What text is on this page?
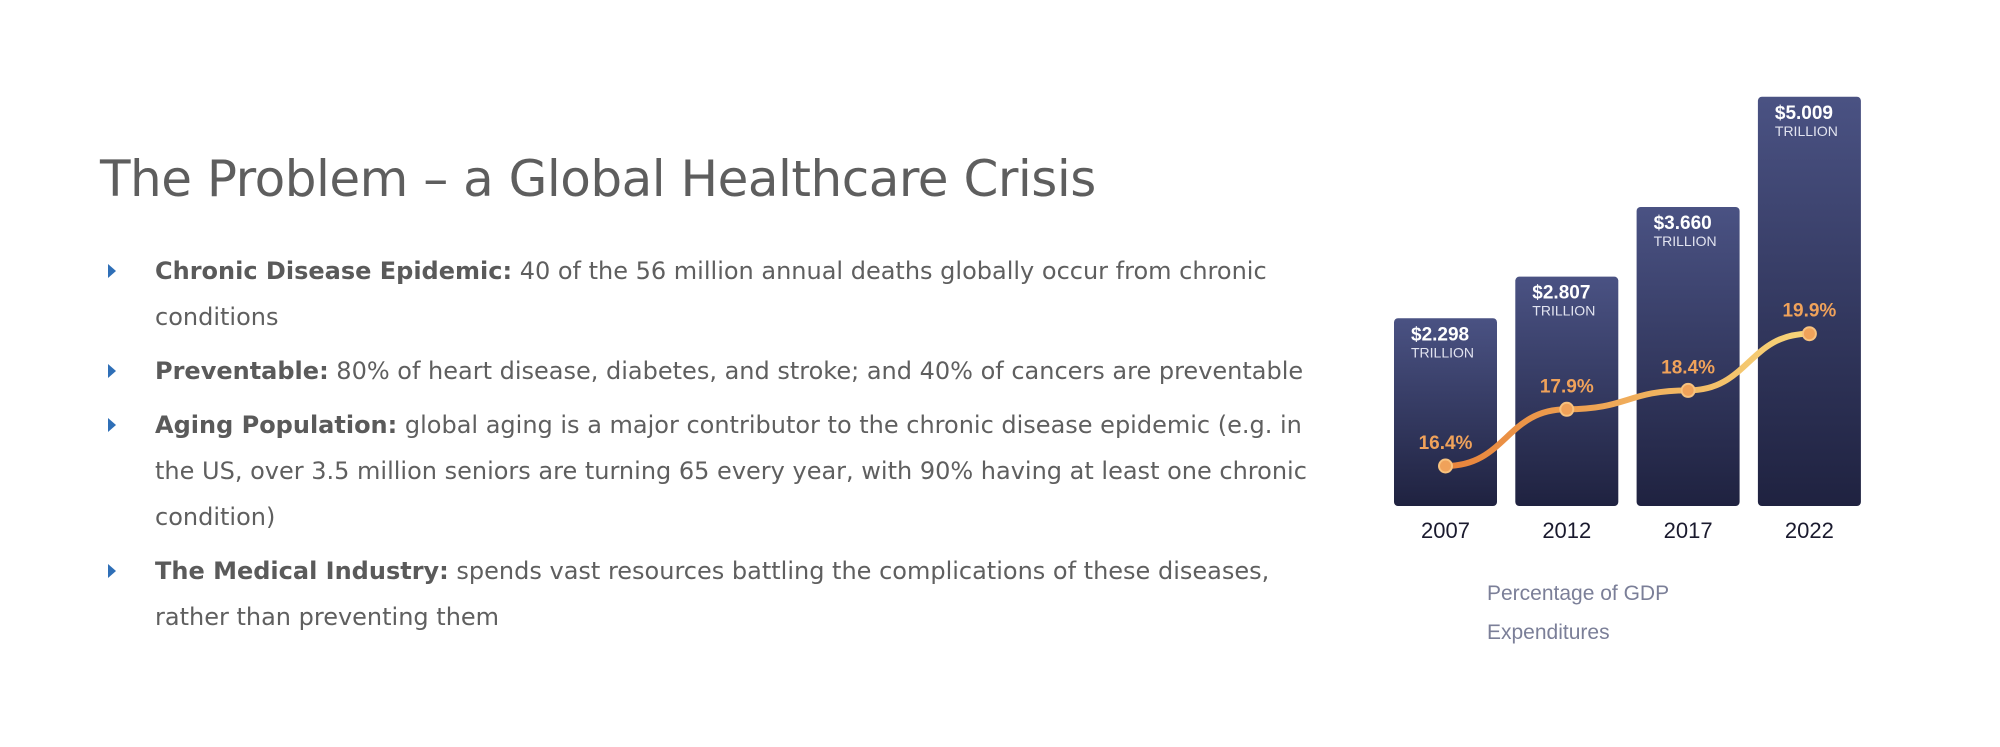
The Problem – a Global Healthcare Crisis
Chronic Disease Epidemic: 40 of the 56 million annual deaths globally occur from chronic conditions
Preventable: 80% of heart disease, diabetes, and stroke; and 40% of cancers are preventable
Aging Population: global aging is a major contributor to the chronic disease epidemic (e.g. in the US, over 3.5 million seniors are turning 65 every year, with 90% having at least one chronic condition)
The Medical Industry: spends vast resources battling the complications of these diseases, rather than preventing them
$2.298
TRILLION
2007
$2.807
TRILLION
2012
$3.660
TRILLION
2017
$5.009
TRILLION
2022
16.4%
17.9%
18.4%
19.9%
Percentage of GDP
Expenditures
